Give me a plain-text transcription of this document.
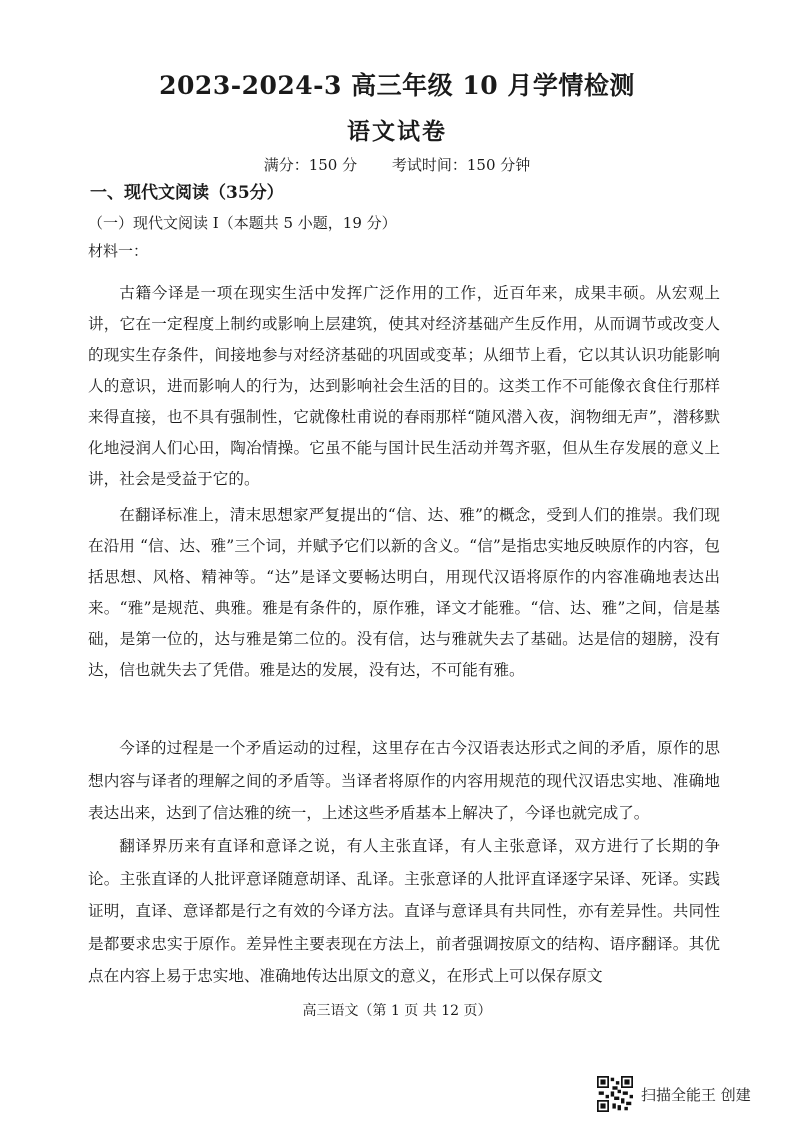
2023-2024-3 高三年级 10 月学情检测
语文试卷
满分：150 分 考试时间：150 分钟
一、现代文阅读（35分）
（一）现代文阅读 I（本题共 5 小题，19 分）
材料一：

古籍今译是一项在现实生活中发挥广泛作用的工作，近百年来，成果丰硕。从宏观上讲，它在一定程度上制约或影响上层建筑，使其对经济基础产生反作用，从而调节或改变人的现实生存条件，间接地参与对经济基础的巩固或变革；从细节上看，它以其认识功能影响人的意识，进而影响人的行为，达到影响社会生活的目的。这类工作不可能像衣食住行那样来得直接，也不具有强制性，它就像杜甫说的春雨那样“随风潜入夜，润物细无声”，潜移默化地浸润人们心田，陶冶情操。它虽不能与国计民生活动并驾齐驱，但从生存发展的意义上讲，社会是受益于它的。

在翻译标准上，清末思想家严复提出的“信、达、雅”的概念，受到人们的推崇。我们现在沿用 “信、达、雅”三个词，并赋予它们以新的含义。“信”是指忠实地反映原作的内容，包括思想、风格、精神等。“达”是译文要畅达明白，用现代汉语将原作的内容准确地表达出来。“雅”是规范、典雅。雅是有条件的，原作雅，译文才能雅。“信、达、雅”之间，信是基础，是第一位的，达与雅是第二位的。没有信，达与雅就失去了基础。达是信的翅膀，没有达，信也就失去了凭借。雅是达的发展，没有达，不可能有雅。

今译的过程是一个矛盾运动的过程，这里存在古今汉语表达形式之间的矛盾，原作的思想内容与译者的理解之间的矛盾等。当译者将原作的内容用规范的现代汉语忠实地、准确地表达出来，达到了信达雅的统一，上述这些矛盾基本上解决了，今译也就完成了。

翻译界历来有直译和意译之说，有人主张直译，有人主张意译，双方进行了长期的争论。主张直译的人批评意译随意胡译、乱译。主张意译的人批评直译逐字呆译、死译。实践证明，直译、意译都是行之有效的今译方法。直译与意译具有共同性，亦有差异性。共同性是都要求忠实于原作。差异性主要表现在方法上，前者强调按原文的结构、语序翻译。其优点在内容上易于忠实地、准确地传达出原文的意义，在形式上可以保存原文

高三语文（第 1 页 共 12 页）
扫描全能王 创建
